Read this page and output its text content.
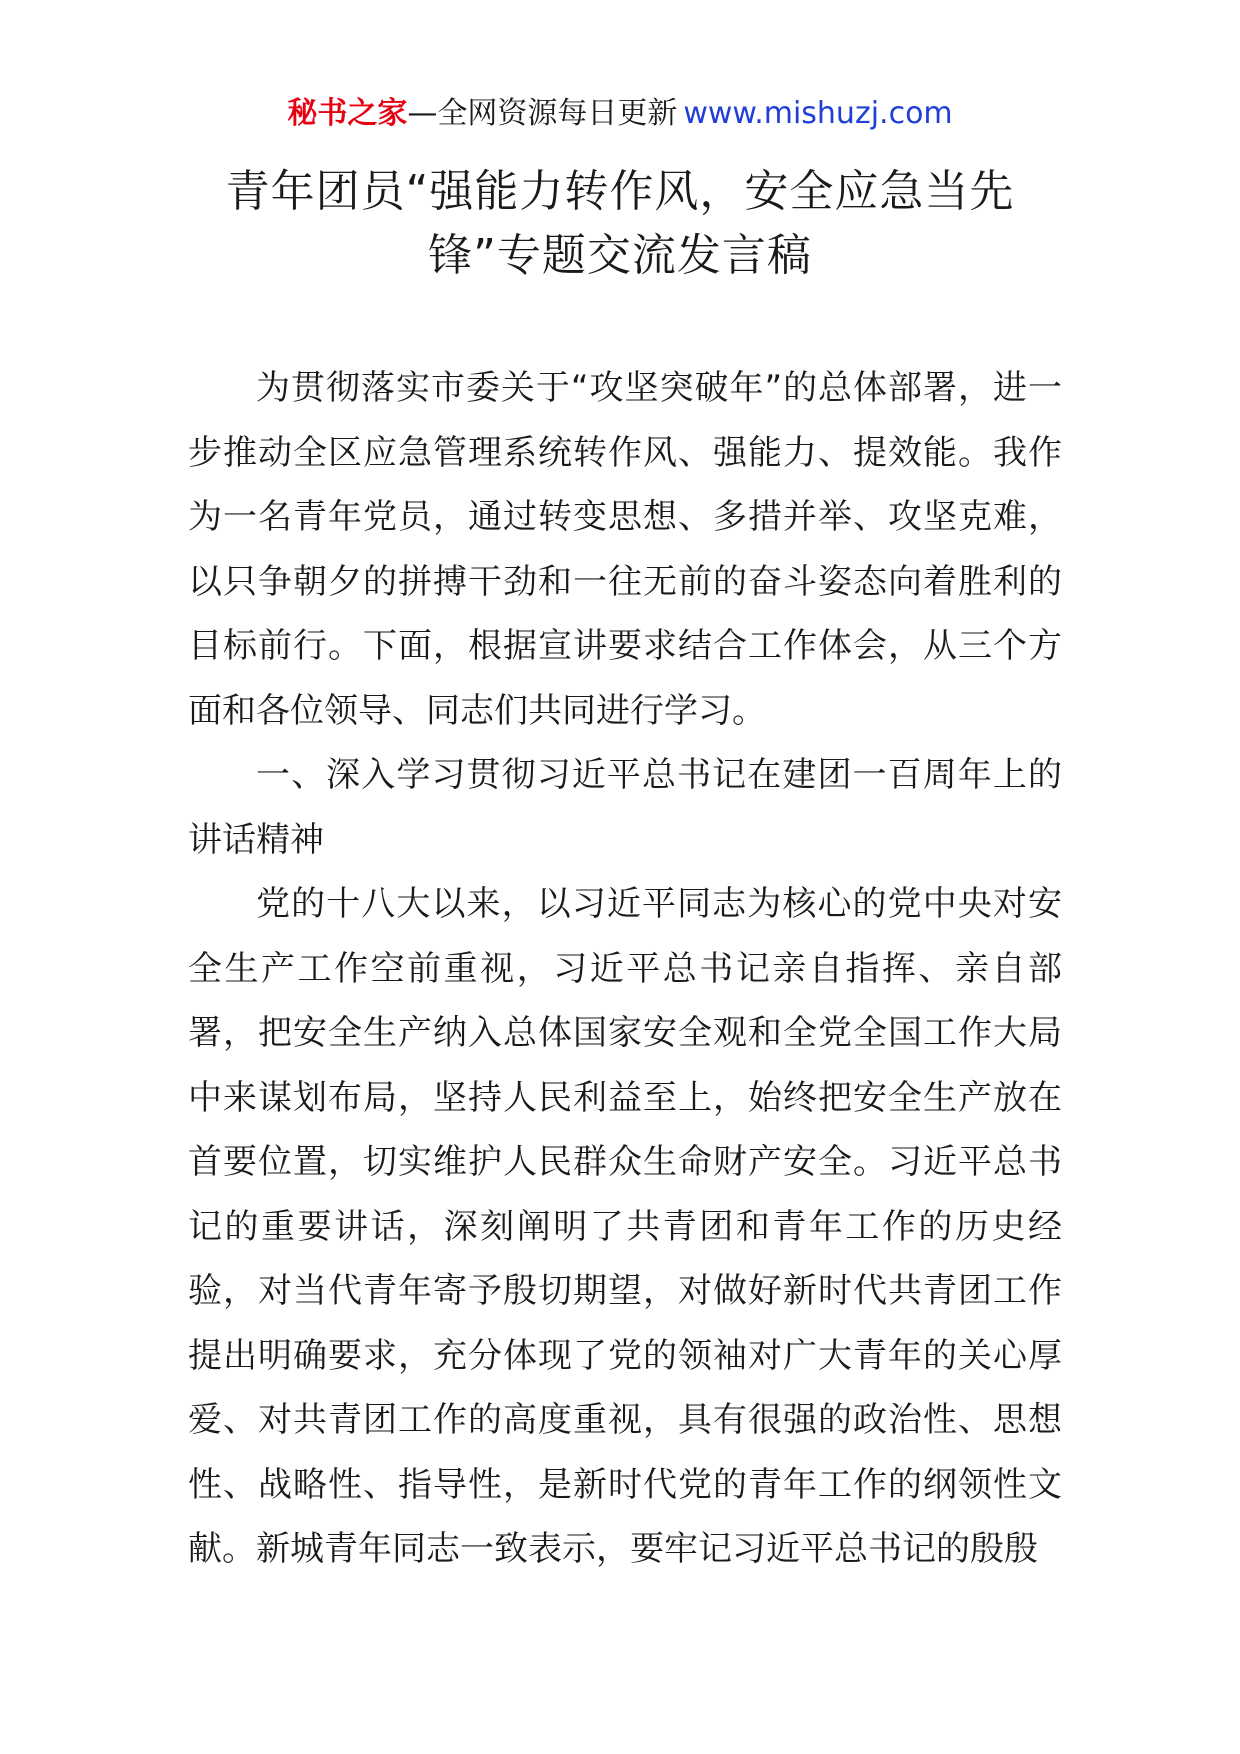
秘书之家—全网资源每日更新 www.mishuzj.com
青年团员“强能力转作风，安全应急当先锋”专题交流发言稿

为贯彻落实市委关于“攻坚突破年”的总体部署，进一步推动全区应急管理系统转作风、强能力、提效能。我作为一名青年党员，通过转变思想、多措并举、攻坚克难，以只争朝夕的拼搏干劲和一往无前的奋斗姿态向着胜利的目标前行。下面，根据宣讲要求结合工作体会，从三个方面和各位领导、同志们共同进行学习。

一、深入学习贯彻习近平总书记在建团一百周年上的讲话精神

党的十八大以来，以习近平同志为核心的党中央对安全生产工作空前重视，习近平总书记亲自指挥、亲自部署，把安全生产纳入总体国家安全观和全党全国工作大局中来谋划布局，坚持人民利益至上，始终把安全生产放在首要位置，切实维护人民群众生命财产安全。习近平总书记的重要讲话，深刻阐明了共青团和青年工作的历史经验，对当代青年寄予殷切期望，对做好新时代共青团工作提出明确要求，充分体现了党的领袖对广大青年的关心厚爱、对共青团工作的高度重视，具有很强的政治性、思想性、战略性、指导性，是新时代党的青年工作的纲领性文献。新城青年同志一致表示，要牢记习近平总书记的殷殷
